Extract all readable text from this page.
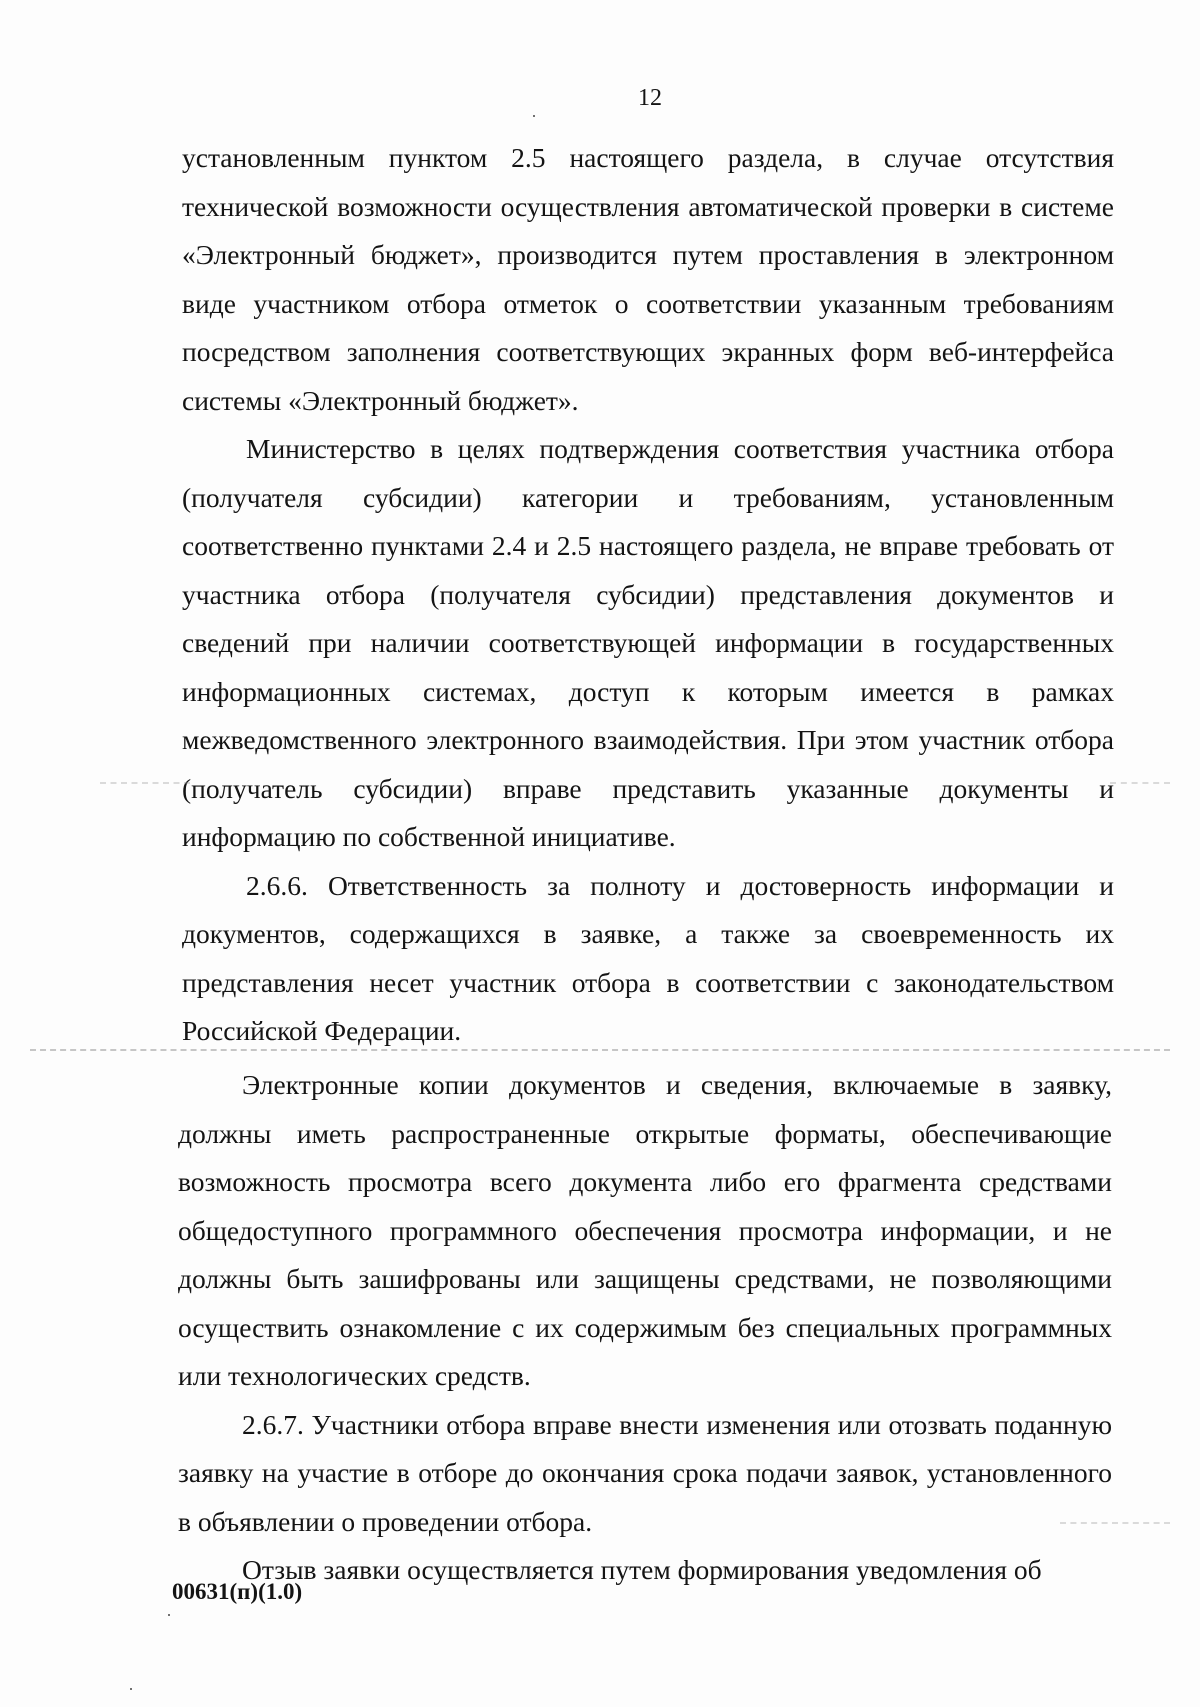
12

установленным пунктом 2.5 настоящего раздела, в случае отсутствия технической возможности осуществления автоматической проверки в системе «Электронный бюджет», производится путем проставления в электронном виде участником отбора отметок о соответствии указанным требованиям посредством заполнения соответствующих экранных форм веб-интерфейса системы «Электронный бюджет».

Министерство в целях подтверждения соответствия участника отбора (получателя субсидии) категории и требованиям, установленным соответственно пунктами 2.4 и 2.5 настоящего раздела, не вправе требовать от участника отбора (получателя субсидии) представления документов и сведений при наличии соответствующей информации в государственных информационных системах, доступ к которым имеется в рамках межведомственного электронного взаимодействия. При этом участник отбора (получатель субсидии) вправе представить указанные документы и информацию по собственной инициативе.

2.6.6. Ответственность за полноту и достоверность информации и документов, содержащихся в заявке, а также за своевременность их представления несет участник отбора в соответствии с законодательством Российской Федерации.

Электронные копии документов и сведения, включаемые в заявку, должны иметь распространенные открытые форматы, обеспечивающие возможность просмотра всего документа либо его фрагмента средствами общедоступного программного обеспечения просмотра информации, и не должны быть зашифрованы или защищены средствами, не позволяющими осуществить ознакомление с их содержимым без специальных программных или технологических средств.

2.6.7. Участники отбора вправе внести изменения или отозвать поданную заявку на участие в отборе до окончания срока подачи заявок, установленного в объявлении о проведении отбора.

Отзыв заявки осуществляется путем формирования уведомления об

00631(п)(1.0)
